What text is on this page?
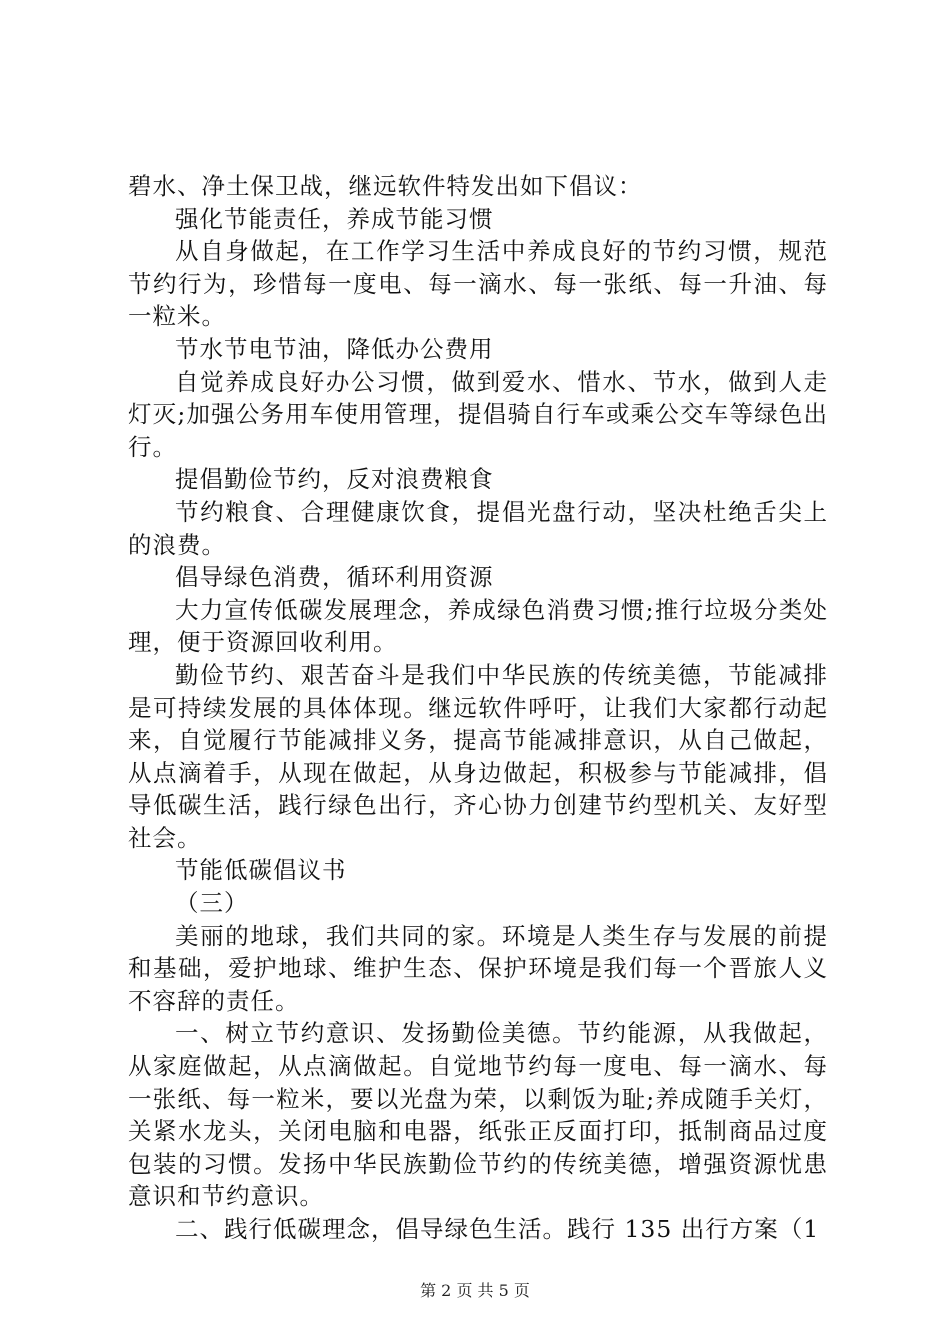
碧水、净土保卫战，继远软件特发出如下倡议：

强化节能责任，养成节能习惯

从自身做起，在工作学习生活中养成良好的节约习惯，规范节约行为，珍惜每一度电、每一滴水、每一张纸、每一升油、每一粒米。

节水节电节油，降低办公费用

自觉养成良好办公习惯，做到爱水、惜水、节水，做到人走灯灭;加强公务用车使用管理，提倡骑自行车或乘公交车等绿色出行。

提倡勤俭节约，反对浪费粮食

节约粮食、合理健康饮食，提倡光盘行动，坚决杜绝舌尖上的浪费。

倡导绿色消费，循环利用资源

大力宣传低碳发展理念，养成绿色消费习惯;推行垃圾分类处理，便于资源回收利用。

勤俭节约、艰苦奋斗是我们中华民族的传统美德，节能减排是可持续发展的具体体现。继远软件呼吁，让我们大家都行动起来，自觉履行节能减排义务，提高节能减排意识，从自己做起，从点滴着手，从现在做起，从身边做起，积极参与节能减排，倡导低碳生活，践行绿色出行，齐心协力创建节约型机关、友好型社会。

节能低碳倡议书

（三）

美丽的地球，我们共同的家。环境是人类生存与发展的前提和基础，爱护地球、维护生态、保护环境是我们每一个晋旅人义不容辞的责任。

一、树立节约意识、发扬勤俭美德。节约能源，从我做起，从家庭做起，从点滴做起。自觉地节约每一度电、每一滴水、每一张纸、每一粒米，要以光盘为荣，以剩饭为耻;养成随手关灯，关紧水龙头，关闭电脑和电器，纸张正反面打印，抵制商品过度包装的习惯。发扬中华民族勤俭节约的传统美德，增强资源忧患意识和节约意识。

二、践行低碳理念，倡导绿色生活。践行 135 出行方案（1

第 2 页 共 5 页
